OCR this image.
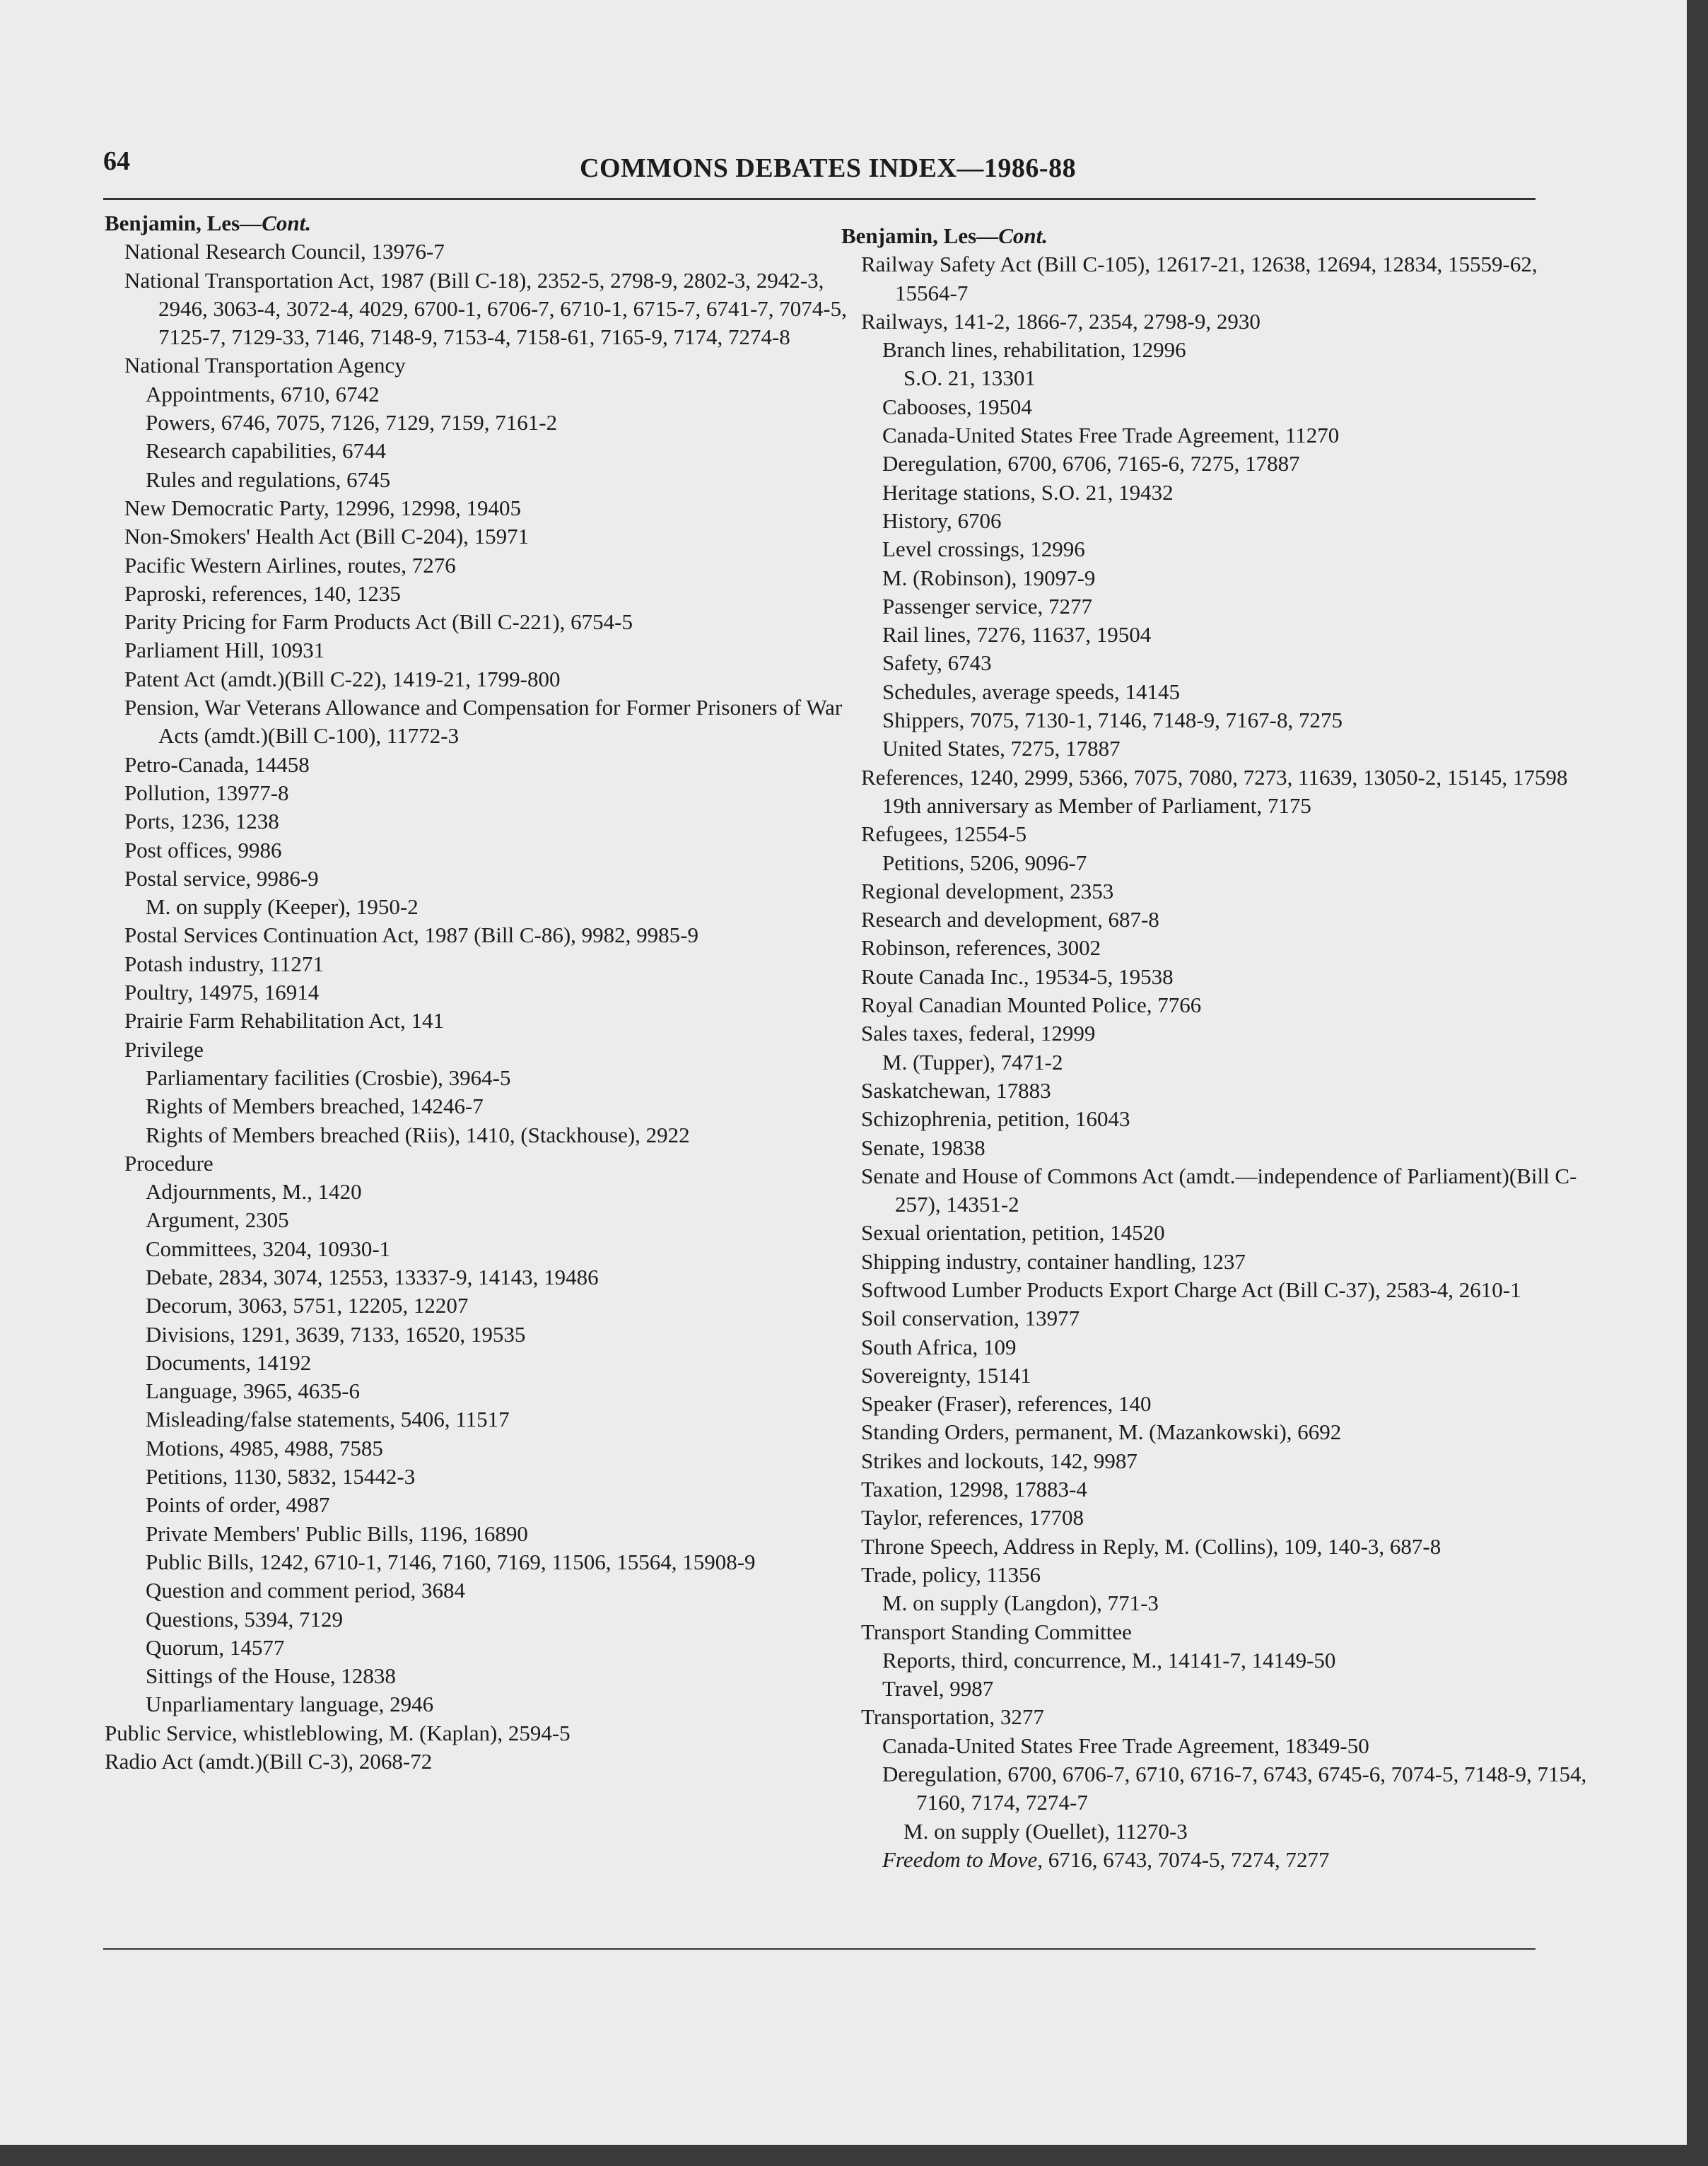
64	COMMONS DEBATES INDEX—1986-88
Benjamin, Les—Cont.
National Research Council, 13976-7
National Transportation Act, 1987 (Bill C-18), 2352-5, 2798-9, 2802-3, 2942-3, 2946, 3063-4, 3072-4, 4029, 6700-1, 6706-7, 6710-1, 6715-7, 6741-7, 7074-5, 7125-7, 7129-33, 7146, 7148-9, 7153-4, 7158-61, 7165-9, 7174, 7274-8
National Transportation Agency
Appointments, 6710, 6742
Powers, 6746, 7075, 7126, 7129, 7159, 7161-2
Research capabilities, 6744
Rules and regulations, 6745
New Democratic Party, 12996, 12998, 19405
Non-Smokers' Health Act (Bill C-204), 15971
Pacific Western Airlines, routes, 7276
Paproski, references, 140, 1235
Parity Pricing for Farm Products Act (Bill C-221), 6754-5
Parliament Hill, 10931
Patent Act (amdt.)(Bill C-22), 1419-21, 1799-800
Pension, War Veterans Allowance and Compensation for Former Prisoners of War Acts (amdt.)(Bill C-100), 11772-3
Petro-Canada, 14458
Pollution, 13977-8
Ports, 1236, 1238
Post offices, 9986
Postal service, 9986-9
M. on supply (Keeper), 1950-2
Postal Services Continuation Act, 1987 (Bill C-86), 9982, 9985-9
Potash industry, 11271
Poultry, 14975, 16914
Prairie Farm Rehabilitation Act, 141
Privilege
Parliamentary facilities (Crosbie), 3964-5
Rights of Members breached, 14246-7
Rights of Members breached (Riis), 1410, (Stackhouse), 2922
Procedure
Adjournments, M., 1420
Argument, 2305
Committees, 3204, 10930-1
Debate, 2834, 3074, 12553, 13337-9, 14143, 19486
Decorum, 3063, 5751, 12205, 12207
Divisions, 1291, 3639, 7133, 16520, 19535
Documents, 14192
Language, 3965, 4635-6
Misleading/false statements, 5406, 11517
Motions, 4985, 4988, 7585
Petitions, 1130, 5832, 15442-3
Points of order, 4987
Private Members' Public Bills, 1196, 16890
Public Bills, 1242, 6710-1, 7146, 7160, 7169, 11506, 15564, 15908-9
Question and comment period, 3684
Questions, 5394, 7129
Quorum, 14577
Sittings of the House, 12838
Unparliamentary language, 2946
Public Service, whistleblowing, M. (Kaplan), 2594-5
Radio Act (amdt.)(Bill C-3), 2068-72
Benjamin, Les—Cont.
Railway Safety Act (Bill C-105), 12617-21, 12638, 12694, 12834, 15559-62, 15564-7
Railways, 141-2, 1866-7, 2354, 2798-9, 2930
Branch lines, rehabilitation, 12996
S.O. 21, 13301
Cabooses, 19504
Canada-United States Free Trade Agreement, 11270
Deregulation, 6700, 6706, 7165-6, 7275, 17887
Heritage stations, S.O. 21, 19432
History, 6706
Level crossings, 12996
M. (Robinson), 19097-9
Passenger service, 7277
Rail lines, 7276, 11637, 19504
Safety, 6743
Schedules, average speeds, 14145
Shippers, 7075, 7130-1, 7146, 7148-9, 7167-8, 7275
United States, 7275, 17887
References, 1240, 2999, 5366, 7075, 7080, 7273, 11639, 13050-2, 15145, 17598
19th anniversary as Member of Parliament, 7175
Refugees, 12554-5
Petitions, 5206, 9096-7
Regional development, 2353
Research and development, 687-8
Robinson, references, 3002
Route Canada Inc., 19534-5, 19538
Royal Canadian Mounted Police, 7766
Sales taxes, federal, 12999
M. (Tupper), 7471-2
Saskatchewan, 17883
Schizophrenia, petition, 16043
Senate, 19838
Senate and House of Commons Act (amdt.—independence of Parliament)(Bill C-257), 14351-2
Sexual orientation, petition, 14520
Shipping industry, container handling, 1237
Softwood Lumber Products Export Charge Act (Bill C-37), 2583-4, 2610-1
Soil conservation, 13977
South Africa, 109
Sovereignty, 15141
Speaker (Fraser), references, 140
Standing Orders, permanent, M. (Mazankowski), 6692
Strikes and lockouts, 142, 9987
Taxation, 12998, 17883-4
Taylor, references, 17708
Throne Speech, Address in Reply, M. (Collins), 109, 140-3, 687-8
Trade, policy, 11356
M. on supply (Langdon), 771-3
Transport Standing Committee
Reports, third, concurrence, M., 14141-7, 14149-50
Travel, 9987
Transportation, 3277
Canada-United States Free Trade Agreement, 18349-50
Deregulation, 6700, 6706-7, 6710, 6716-7, 6743, 6745-6, 7074-5, 7148-9, 7154, 7160, 7174, 7274-7
M. on supply (Ouellet), 11270-3
Freedom to Move, 6716, 6743, 7074-5, 7274, 7277
